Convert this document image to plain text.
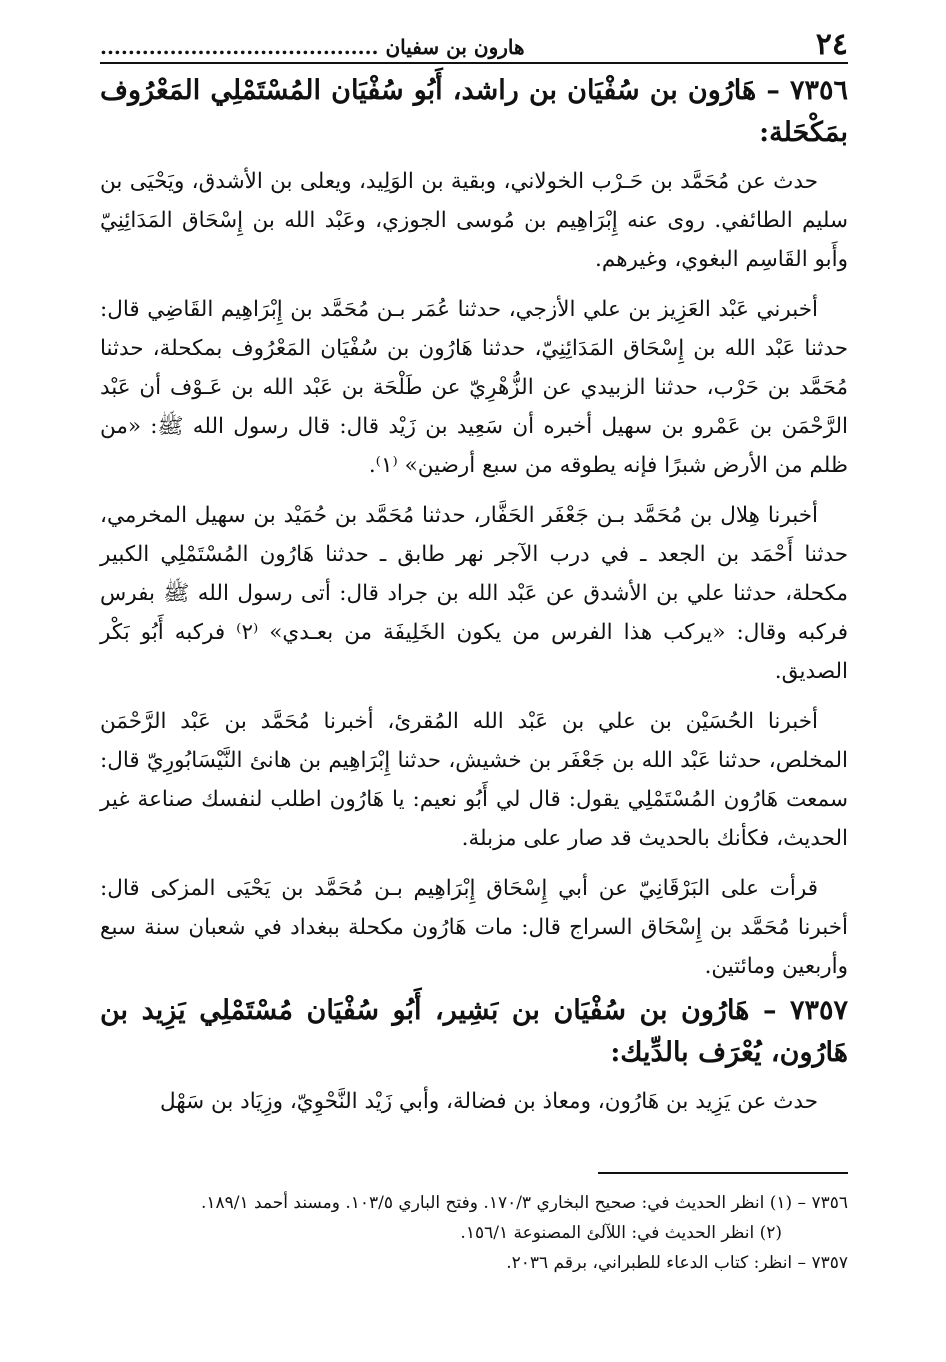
٢٤
هارون بن سفيان ........................................
٧٣٥٦ – هَارُون بن سُفْيَان بن راشد، أَبُو سُفْيَان المُسْتَمْلِي المَعْرُوف بمَكْحَلة:

حدث عن مُحَمَّد بن حَـرْب الخولاني، وبقية بن الوَلِيد، ويعلى بن الأشدق، ويَحْيَى بن سليم الطائفي. روى عنه إِبْرَاهِيم بن مُوسى الجوزي، وعَبْد الله بن إِسْحَاق المَدَائِنِيّ وأَبو القَاسِم البغوي، وغيرهم.

أخبرني عَبْد العَزِيز بن علي الأزجي، حدثنا عُمَر بـن مُحَمَّد بن إِبْرَاهِيم القَاضِي قال: حدثنا عَبْد الله بن إِسْحَاق المَدَائِنِيّ، حدثنا هَارُون بن سُفْيَان المَعْرُوف بمكحلة، حدثنا مُحَمَّد بن حَرْب، حدثنا الزبيدي عن الزُّهْرِيّ عن طَلْحَة بن عَبْد الله بن عَـوْف أن عَبْد الرَّحْمَن بن عَمْرو بن سهيل أخبره أن سَعِيد بن زَيْد قال: قال رسول الله ﷺ: «من ظلم من الأرض شبرًا فإنه يطوقه من سبع أرضين» ⁽١⁾.

أخبرنا هِلال بن مُحَمَّد بـن جَعْفَر الحَفَّار، حدثنا مُحَمَّد بن حُمَيْد بن سهيل المخرمي، حدثنا أَحْمَد بن الجعد ـ في درب الآجر نهر طابق ـ حدثنا هَارُون المُسْتَمْلِي الكبير مكحلة، حدثنا علي بن الأشدق عن عَبْد الله بن جراد قال: أتى رسول الله ﷺ بفرس فركبه وقال: «يركب هذا الفرس من يكون الخَلِيفَة من بعـدي» ⁽٢⁾ فركبه أَبُو بَكْر الصديق.

أخبرنا الحُسَيْن بن علي بن عَبْد الله المُقرئ، أخبرنا مُحَمَّد بن عَبْد الرَّحْمَن المخلص، حدثنا عَبْد الله بن جَعْفَر بن خشيش، حدثنا إِبْرَاهِيم بن هانئ النَّيْسَابُورِيّ قال: سمعت هَارُون المُسْتَمْلِي يقول: قال لي أَبُو نعيم: يا هَارُون اطلب لنفسك صناعة غير الحديث، فكأنك بالحديث قد صار على مزبلة.

قرأت على البَرْقَانِيّ عن أبي إِسْحَاق إِبْرَاهِيم بـن مُحَمَّد بن يَحْيَى المزكى قال: أخبرنا مُحَمَّد بن إِسْحَاق السراج قال: مات هَارُون مكحلة ببغداد في شعبان سنة سبع وأربعين ومائتين.

٧٣٥٧ – هَارُون بن سُفْيَان بن بَشِير، أَبُو سُفْيَان مُسْتَمْلِي يَزِيد بن هَارُون، يُعْرَف بالدِّيك:

حدث عن يَزِيد بن هَارُون، ومعاذ بن فضالة، وأبي زَيْد النَّحْوِيّ، وزِيَاد بن سَهْل

٧٣٥٦ – (١) انظر الحديث في: صحيح البخاري ١٧٠/٣. وفتح الباري ١٠٣/٥. ومسند أحمد ١٨٩/١.

(٢) انظر الحديث في: اللآلئ المصنوعة ١٥٦/١.

٧٣٥٧ – انظر: كتاب الدعاء للطبراني، برقم ٢٠٣٦.
